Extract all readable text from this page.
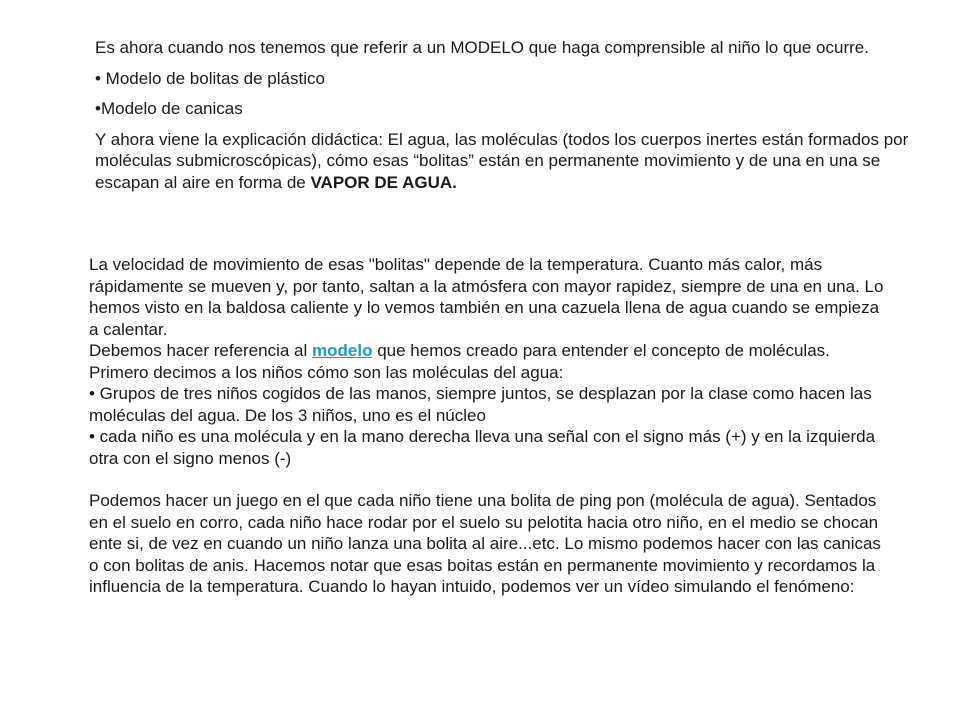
Es ahora cuando nos tenemos que referir a un MODELO que haga comprensible al niño lo que ocurre.

• Modelo de bolitas de plástico

•Modelo de canicas

Y ahora viene la explicación didáctica: El agua, las moléculas (todos los cuerpos inertes están formados por moléculas submicroscópicas), cómo esas “bolitas” están en permanente movimiento y de una en una se escapan al aire en forma de VAPOR DE AGUA.

La velocidad de movimiento de esas "bolitas" depende de la temperatura. Cuanto más calor, más rápidamente se mueven y, por tanto, saltan a la atmósfera con mayor rapidez, siempre de una en una. Lo hemos visto en la baldosa caliente y lo vemos también en una cazuela llena de agua cuando se empieza a calentar.

Debemos hacer referencia al modelo que hemos creado para entender el concepto de moléculas.

Primero decimos a los niños cómo son las moléculas del agua:

• Grupos de tres niños cogidos de las manos, siempre juntos, se desplazan por la clase como hacen las moléculas del agua. De los 3 niños, uno es el núcleo

• cada niño es una molécula y en la mano derecha lleva una señal con el signo más (+) y en la izquierda otra con el signo menos (-)

Podemos hacer un juego en el que cada niño tiene una bolita de ping pon (molécula de agua). Sentados en el suelo en corro, cada niño hace rodar por el suelo su pelotita hacia otro niño, en el medio se chocan ente si, de vez en cuando un niño lanza una bolita al aire...etc. Lo mismo podemos hacer con las canicas o con bolitas de anis. Hacemos notar que esas boitas están en permanente movimiento y recordamos la influencia de la temperatura. Cuando lo hayan intuido, podemos ver un vídeo simulando el fenómeno:
